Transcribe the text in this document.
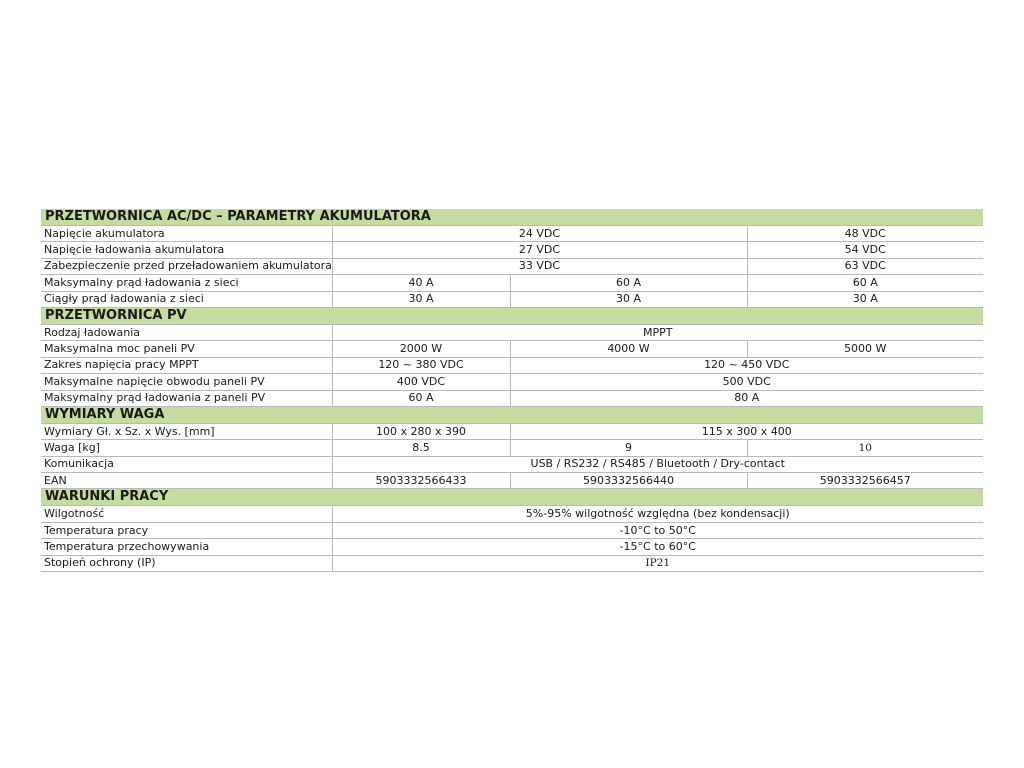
PRZETWORNICA AC/DC – PARAMETRY AKUMULATORA			
Napięcie akumulatora	24 VDC		48 VDC
Napięcie ładowania akumulatora	27 VDC		54 VDC
Zabezpieczenie przed przeładowaniem akumulatora	33 VDC		63 VDC
Maksymalny prąd ładowania z sieci	40 A	60 A	60 A
Ciągły prąd ładowania z sieci	30 A	30 A	30 A
PRZETWORNICA PV			
Rodzaj ładowania	MPPT		
Maksymalna moc paneli PV	2000 W	4000 W	5000 W
Zakres napięcia pracy MPPT	120 ~ 380 VDC	120 ~ 450 VDC	
Maksymalne napięcie obwodu paneli PV	400 VDC	500 VDC	
Maksymalny prąd ładowania z paneli PV	60 A	80 A	
WYMIARY WAGA			
Wymiary Gł. x Sz. x Wys. [mm]	100 x 280 x 390	115 x 300 x 400	
Waga [kg]	8.5	9	10
Komunikacja	USB / RS232 / RS485 / Bluetooth / Dry-contact		
EAN	5903332566433	5903332566440	5903332566457
WARUNKI PRACY			
Wilgotność	5%-95% wilgotność względna (bez kondensacji)		
Temperatura pracy	-10°C to 50°C		
Temperatura przechowywania	-15°C to 60°C		
Stopień ochrony (IP)	IP21		
